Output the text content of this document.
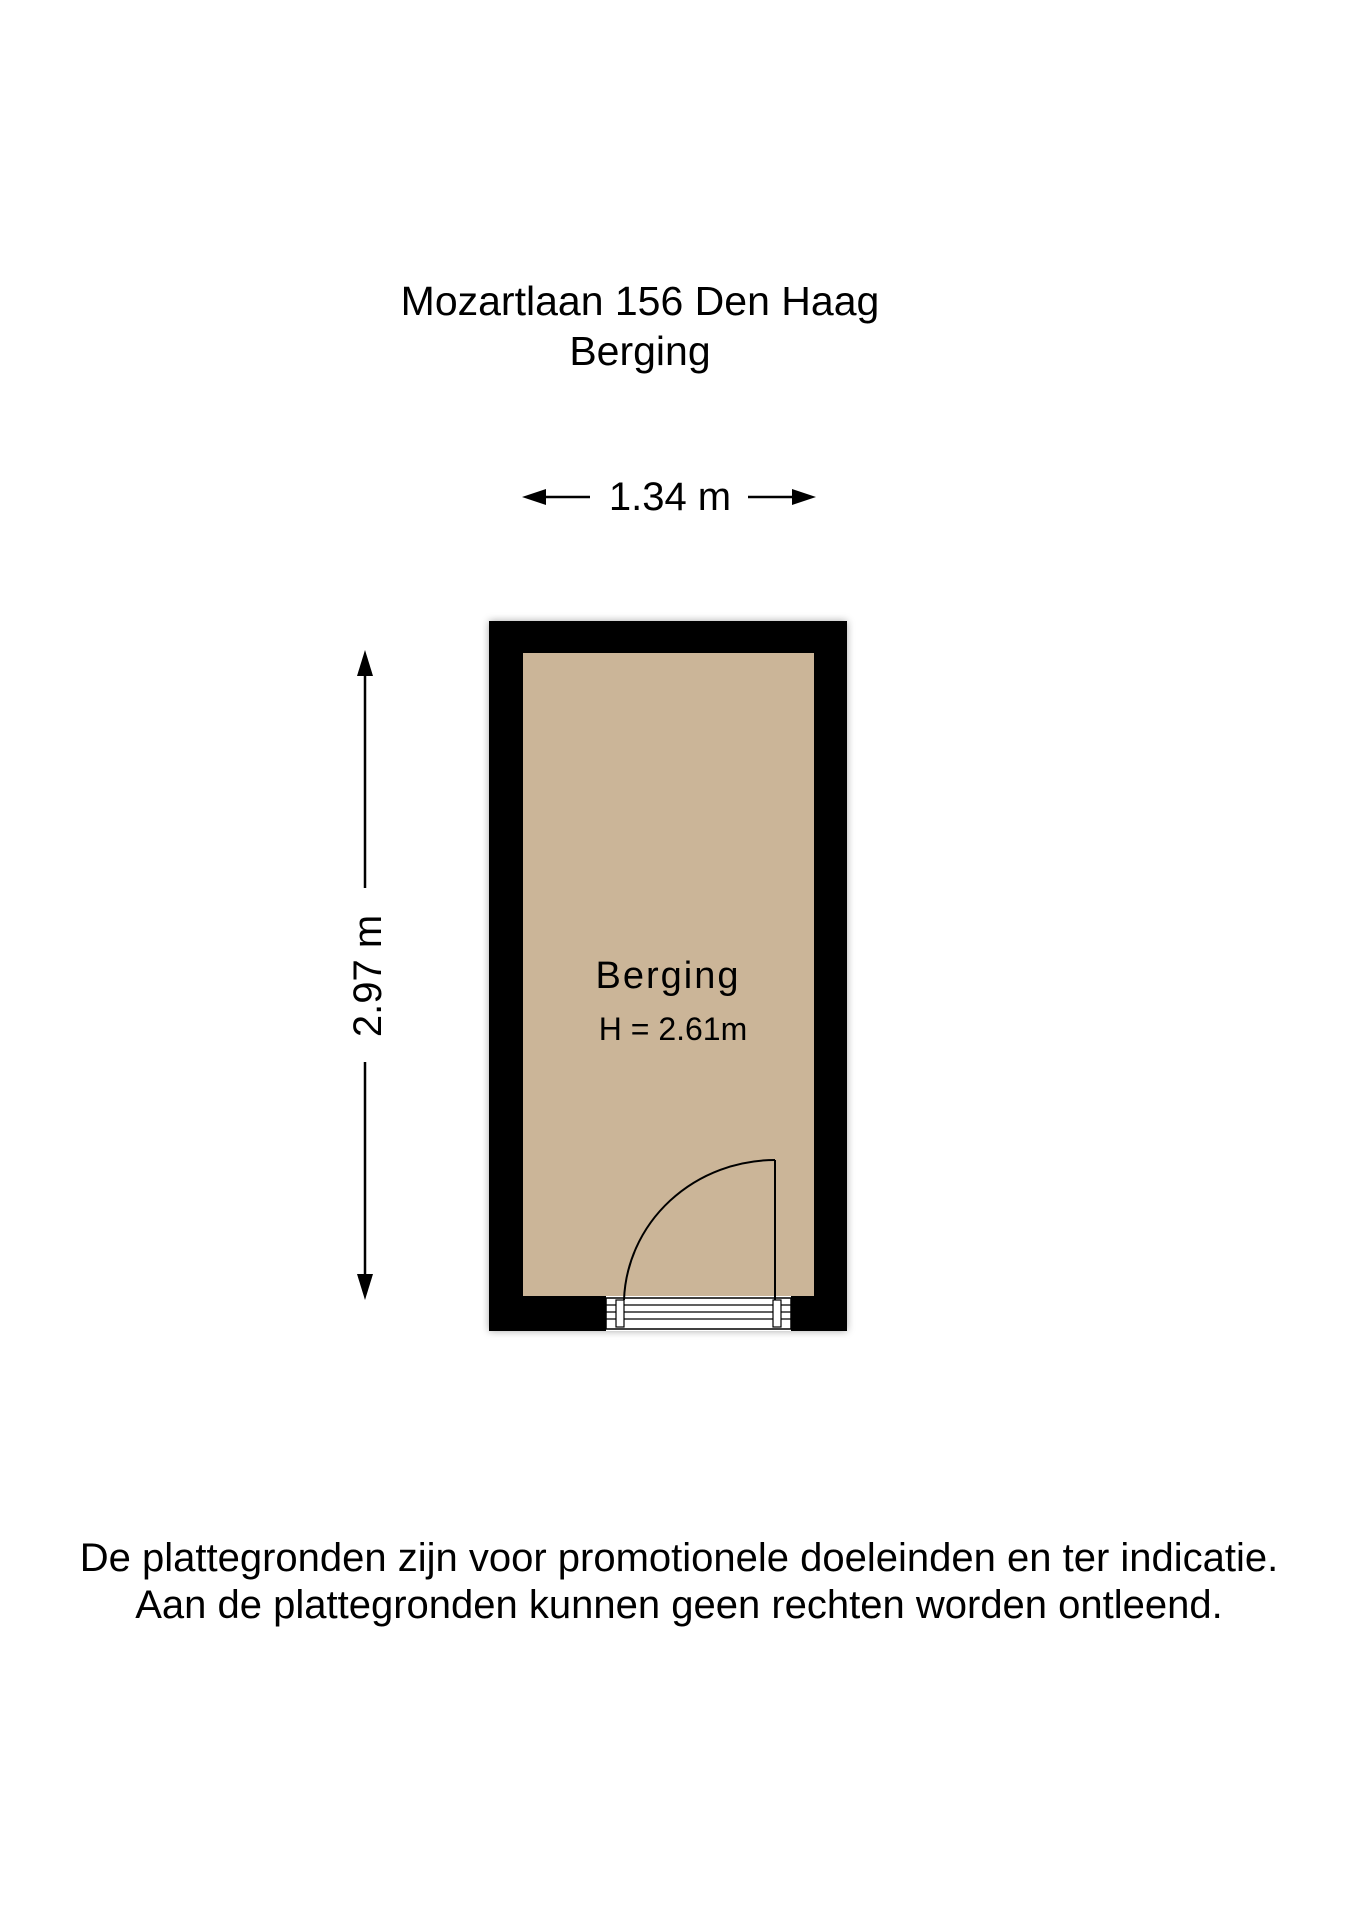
Mozartlaan 156 Den Haag
Berging
1.34 m
2.97 m	Berging
H = 2.61m
De plattegronden zijn voor promotionele doeleinden en ter indicatie.
Aan de plattegronden kunnen geen rechten worden ontleend.
